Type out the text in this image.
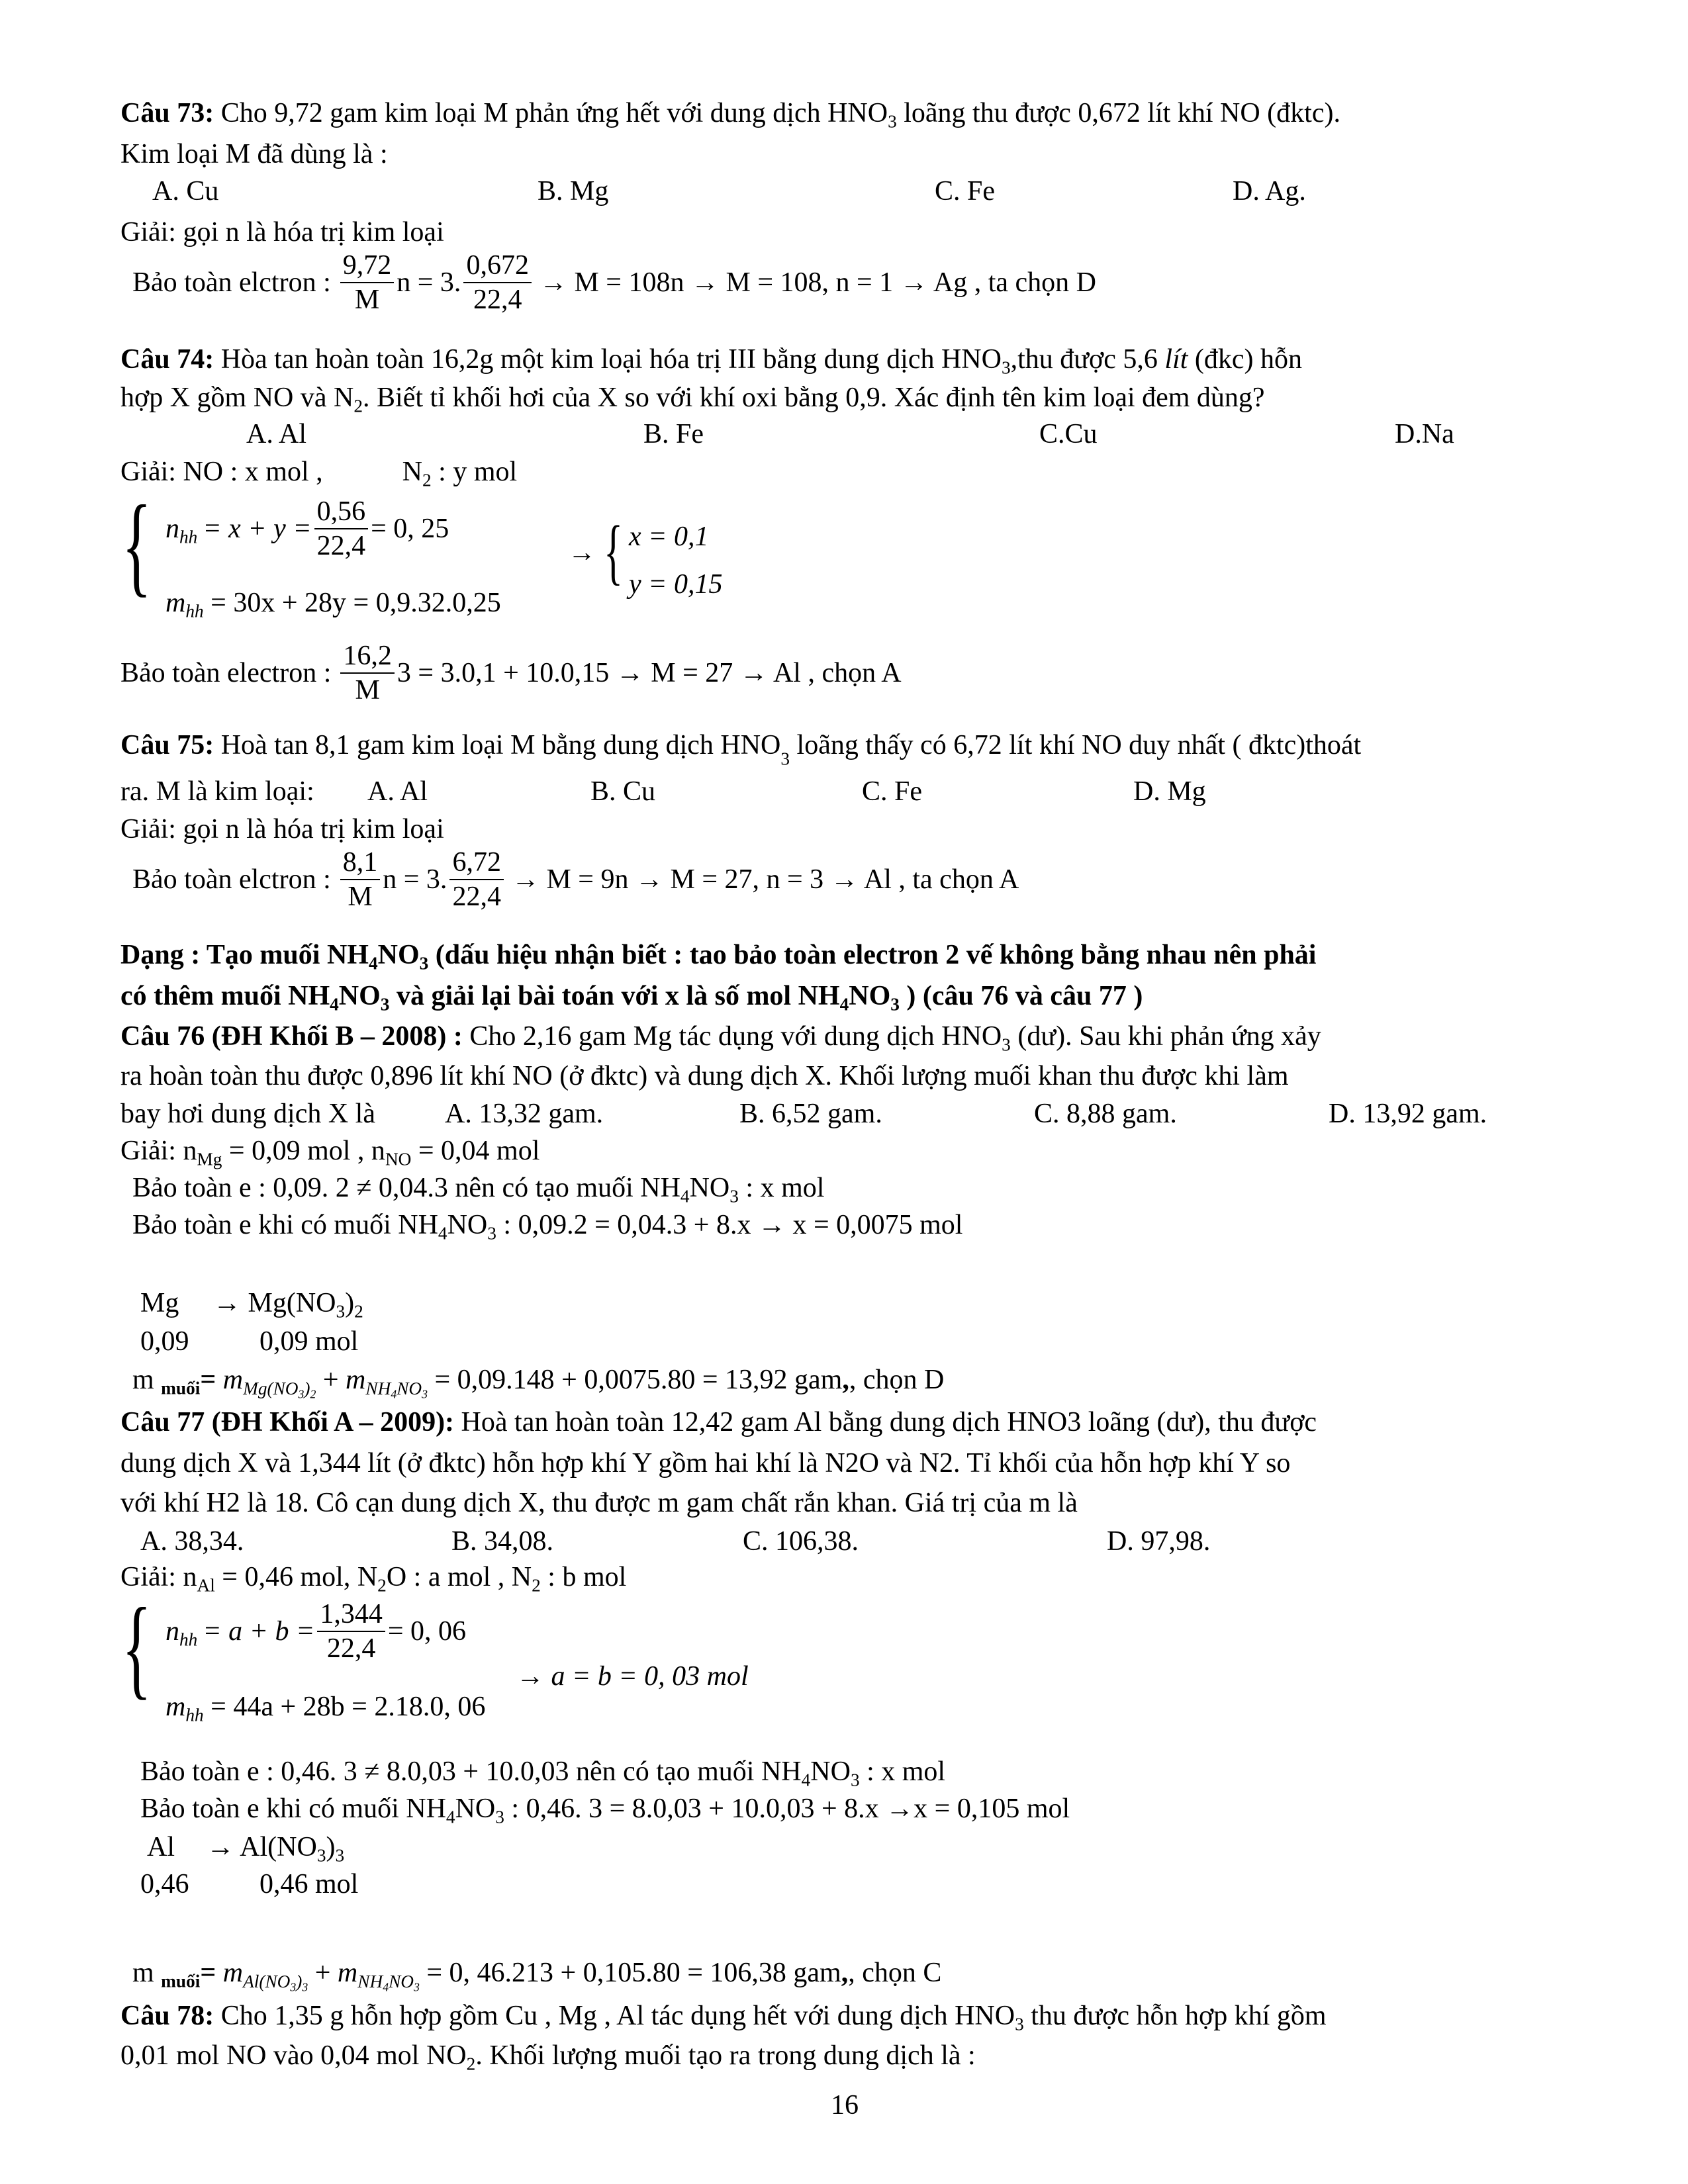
Câu 73: Cho 9,72 gam kim loại M phản ứng hết với dung dịch $HNO_3$ loãng thu được 0,672 lít khí NO (đktc).
Kim loại M đã dùng là :
A. Cu	B. Mg	C. Fe	D. Ag.
Giải: gọi n là hóa trị kim loại
Bảo toàn elctron : $\frac{9,72}{M}$ n = 3. $\frac{0,672}{22,4} \to M = 108n \to M = 108$, n = 1 → Ag , ta chọn D
Câu 74: Hòa tan hoàn toàn 16,2g một kim loại hóa trị III bằng dung dịch $HNO_3,thu$ được 5,6 lít (đkc) hỗn
hợp X gồm NO và $N_2$. Biết tỉ khối hơi của X so với khí oxi bằng 0,9. Xác định tên kim loại đem dùng?
A. Al	B. Fe	C.Cu	D.Na
Giải: NO : x mol ,	$N_2$ : y mol
{ $n_{hh} = x + y = \frac{0,56}{22,4} = 0$, 25
$m_{hh} = 30x + 28y = 0,9.32.0,25$
→ { x = 0,1
y = 0,15
Bảo toàn electron : $\frac{16,2}{M} 3 = 3.0,1 + 10.0,15 \to M = 27 \to Al$ , chọn A
Câu 75: Hoà tan 8,1 gam kim loại M bằng dung dịch $HNO_3$ loãng thấy có 6,72 lít khí NO duy nhất ( đktc)thoát
ra. M là kim loại: A. Al	B. Cu	C. Fe	D. Mg
Giải: gọi n là hóa trị kim loại
Bảo toàn elctron : $\frac{8,1}{M}$ n = 3. $\frac{6,72}{22,4} \to M = 9n \to M = 27$, n = 3 → Al , ta chọn A
Dạng : Tạo muối $NH_4NO_3$ (dấu hiệu nhận biết : tao bảo toàn electron 2 vế không bằng nhau nên phải
có thêm muối $NH_4NO_3$ và giải lại bài toán với x là số mol $NH_4NO_3$ ) (câu 76 và câu 77 )
Câu 76 (ĐH Khối B – 2008) : Cho 2,16 gam Mg tác dụng với dung dịch $HNO_3$ (dư). Sau khi phản ứng xảy
ra hoàn toàn thu được 0,896 lít khí NO (ở đktc) và dung dịch X. Khối lượng muối khan thu được khi làm
bay hơi dung dịch X là	A. 13,32 gam.	B. 6,52 gam.	C. 8,88 gam.	D. 13,92 gam.
Giải: $n_{Mg} = 0,09$ mol , $n_{NO} = 0,04$ mol
Bảo toàn e : 0,09. 2 ≠ 0,04.3 nên có tạo muối $NH_4NO_3$ : x mol
Bảo toàn e khi có muối $NH_4NO_3$ : 0,09.2 = 0,04.3 + 8.x → x = 0,0075 mol
$Mg \to Mg(NO_3)_2$
0,09	0,09 mol
m $_{muối}= m_{Mg(NO_3)_2} + m_{NH_4NO_3} = 0,09.148 + 0,0075.80 = 13,92$ gam,, chọn D
Câu 77 (ĐH Khối A – 2009): Hoà tan hoàn toàn 12,42 gam Al bằng dung dịch HNO3 loãng (dư), thu được
dung dịch X và 1,344 lít (ở đktc) hỗn hợp khí Y gồm hai khí là N2O và N2. Tỉ khối của hỗn hợp khí Y so
với khí H2 là 18. Cô cạn dung dịch X, thu được m gam chất rắn khan. Giá trị của m là
A. 38,34.	B. 34,08.	C. 106,38.	D. 97,98.
Giải: $n_{Al} = 0,46$ mol, $N_2O$ : a mol , $N_2$ : b mol
{ $n_{hh} = a + b = \frac{1,344}{22,4} = 0$, 06
$m_{hh} = 44a + 28b = 2.18.0$, 06
→ a = b = 0, 03 mol
Bảo toàn e : 0,46. 3 ≠ 8.0,03 + 10.0,03 nên có tạo muối $NH_4NO_3$ : x mol
Bảo toàn e khi có muối $NH_4NO_3$ : 0,46. 3 = 8.0,03 + 10.0,03 + 8.x →x = 0,105 mol
$Al \to Al(NO_3)_3$
0,46	0,46 mol
m $_{muối}= m_{Al(NO_3)_3} + m_{NH_4NO_3} = 0$, 46.213 + 0,105.80 = 106,38 gam,, chọn C
Câu 78: Cho 1,35 g hỗn hợp gồm Cu , Mg , Al tác dụng hết với dung dịch $HNO_3$ thu được hỗn hợp khí gồm
0,01 mol NO vào 0,04 mol $NO_2$. Khối lượng muối tạo ra trong dung dịch là :
16
